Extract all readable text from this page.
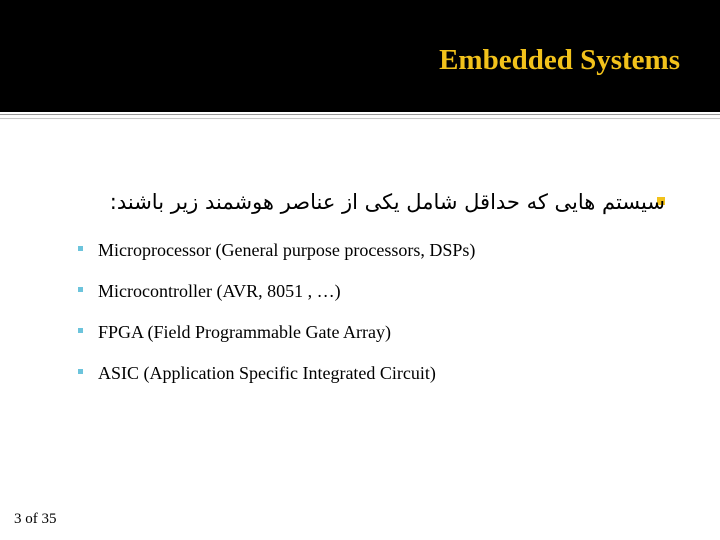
Embedded Systems
سیستم هایی که حداقل شامل یکی از عناصر هوشمند زیر باشند:
Microprocessor (General purpose processors, DSPs)
Microcontroller (AVR, 8051 , …)
FPGA (Field Programmable Gate Array)
ASIC (Application Specific Integrated Circuit)
3 of 35
